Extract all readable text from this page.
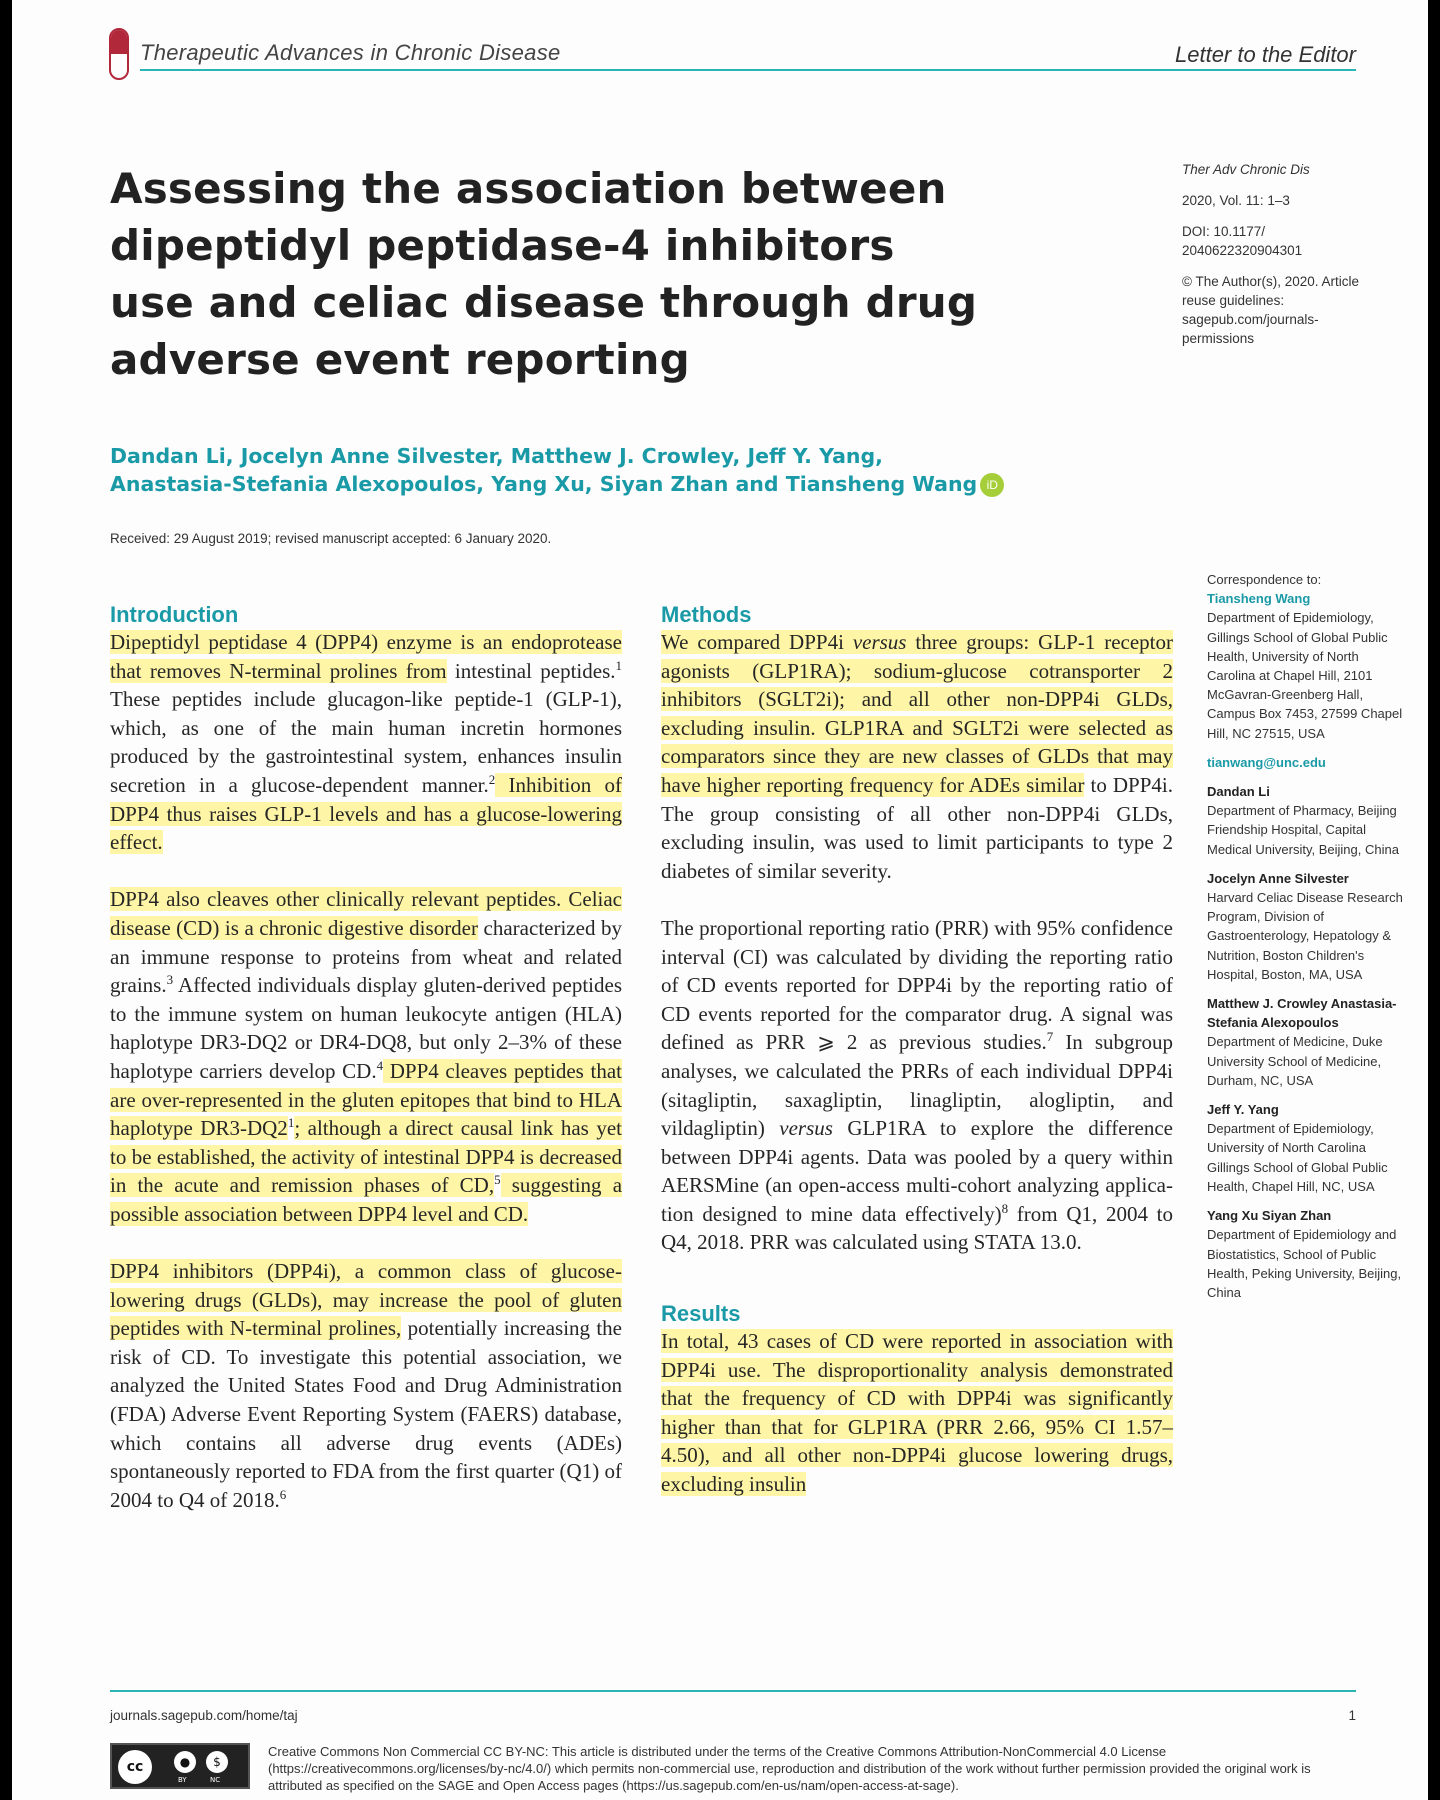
Therapeutic Advances in Chronic Disease	Letter to the Editor
Assessing the association between dipeptidyl peptidase-4 inhibitors use and celiac disease through drug adverse event reporting
Ther Adv Chronic Dis
2020, Vol. 11: 1–3
DOI: 10.1177/ 2040622320904301
© The Author(s), 2020. Article reuse guidelines: sagepub.com/journals-permissions
Dandan Li, Jocelyn Anne Silvester, Matthew J. Crowley, Jeff Y. Yang,
Anastasia-Stefania Alexopoulos, Yang Xu, Siyan Zhan and Tiansheng Wang iD
Received: 29 August 2019; revised manuscript accepted: 6 January 2020.
Introduction

Dipeptidyl peptidase 4 (DPP4) enzyme is an endoprotease that removes N-terminal prolines from intestinal peptides.$^1$ These peptides include glucagon-like peptide-1 (GLP-1), which, as one of the main human incretin hormones produced by the gastrointestinal system, enhances insulin secretion in a glucose-dependent manner.$^2$ Inhibition of DPP4 thus raises GLP-1 levels and has a glucose-lowering effect.

DPP4 also cleaves other clinically relevant peptides. Celiac disease (CD) is a chronic digestive disorder characterized by an immune response to proteins from wheat and related grains.$^3$ Affected individuals display gluten-derived peptides to the immune system on human leukocyte antigen (HLA) haplotype DR3-DQ2 or DR4-DQ8, but only 2–3% of these haplotype carriers develop CD.$^4$ DPP4 cleaves peptides that are over-represented in the gluten epitopes that bind to HLA haplotype $DR3-DQ2^1$; although a direct causal link has yet to be established, the activity of intestinal DPP4 is decreased in the acute and remission phases of CD,$^5$ suggesting a possible association between DPP4 level and CD.

DPP4 inhibitors (DPP4i), a common class of glucose-lowering drugs (GLDs), may increase the pool of gluten peptides with N-terminal prolines, potentially increasing the risk of CD. To investigate this potential association, we analyzed the United States Food and Drug Administration (FDA) Adverse Event Reporting System (FAERS) database, which contains all adverse drug events (ADEs) spontaneously reported to FDA from the first quarter (Q1) of 2004 to Q4 of 2018.$^6$

Methods

We compared DPP4i versus three groups: GLP-1 receptor agonists (GLP1RA); sodium-glucose cotransporter 2 inhibitors (SGLT2i); and all other non-DPP4i GLDs, excluding insulin. GLP1RA and SGLT2i were selected as comparators since they are new classes of GLDs that may have higher reporting frequency for ADEs similar to DPP4i. The group consisting of all other non-DPP4i GLDs, excluding insulin, was used to limit participants to type 2 diabetes of similar severity.

The proportional reporting ratio (PRR) with 95% confidence interval (CI) was calculated by dividing the reporting ratio of CD events reported for DPP4i by the reporting ratio of CD events reported for the comparator drug. A signal was defined as PRR ⩾ 2 as previous studies.$^7$ In subgroup analyses, we calculated the PRRs of each individual DPP4i (sitagliptin, saxagliptin, linagliptin, alogliptin, and vildagliptin) versus GLP1RA to explore the difference between DPP4i agents. Data was pooled by a query within AERSMine (an open-access multi-cohort analyzing application designed to mine data effectively)$^8$ from Q1, 2004 to Q4, 2018. PRR was calculated using STATA 13.0.

Results

In total, 43 cases of CD were reported in association with DPP4i use. The disproportionality analysis demonstrated that the frequency of CD with DPP4i was significantly higher than that for GLP1RA (PRR 2.66, 95% CI 1.57–4.50), and all other non-DPP4i glucose lowering drugs, excluding insulin

Correspondence to:
Tiansheng Wang
Department of Epidemiology, Gillings School of Global Public Health, University of North Carolina at Chapel Hill, 2101 McGavran-Greenberg Hall, Campus Box 7453, 27599 Chapel Hill, NC 27515, USA
tianwang@unc.edu
Dandan Li
Department of Pharmacy, Beijing Friendship Hospital, Capital Medical University, Beijing, China
Jocelyn Anne Silvester
Harvard Celiac Disease Research Program, Division of Gastroenterology, Hepatology & Nutrition, Boston Children's Hospital, Boston, MA, USA
Matthew J. Crowley Anastasia-Stefania Alexopoulos
Department of Medicine, Duke University School of Medicine, Durham, NC, USA
Jeff Y. Yang
Department of Epidemiology, University of North Carolina Gillings School of Global Public Health, Chapel Hill, NC, USA
Yang Xu Siyan Zhan
Department of Epidemiology and Biostatistics, School of Public Health, Peking University, Beijing, China
journals.sagepub.com/home/taj	1
cc	●	$
BY	NC
Creative Commons Non Commercial CC BY-NC: This article is distributed under the terms of the Creative Commons Attribution-NonCommercial 4.0 License (https://creativecommons.org/licenses/by-nc/4.0/) which permits non-commercial use, reproduction and distribution of the work without further permission provided the original work is attributed as specified on the SAGE and Open Access pages (https://us.sagepub.com/en-us/nam/open-access-at-sage).
